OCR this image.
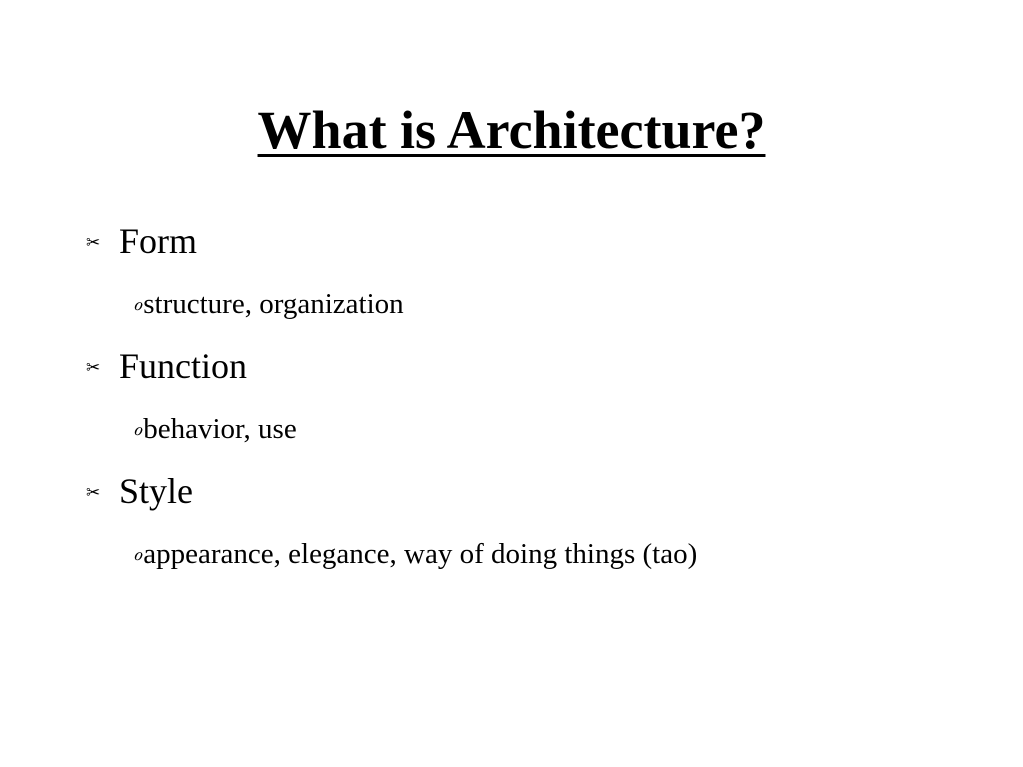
What is Architecture?
✂ Form
ℴstructure, organization
✂ Function
ℴbehavior, use
✂ Style
ℴappearance, elegance, way of doing things (tao)
